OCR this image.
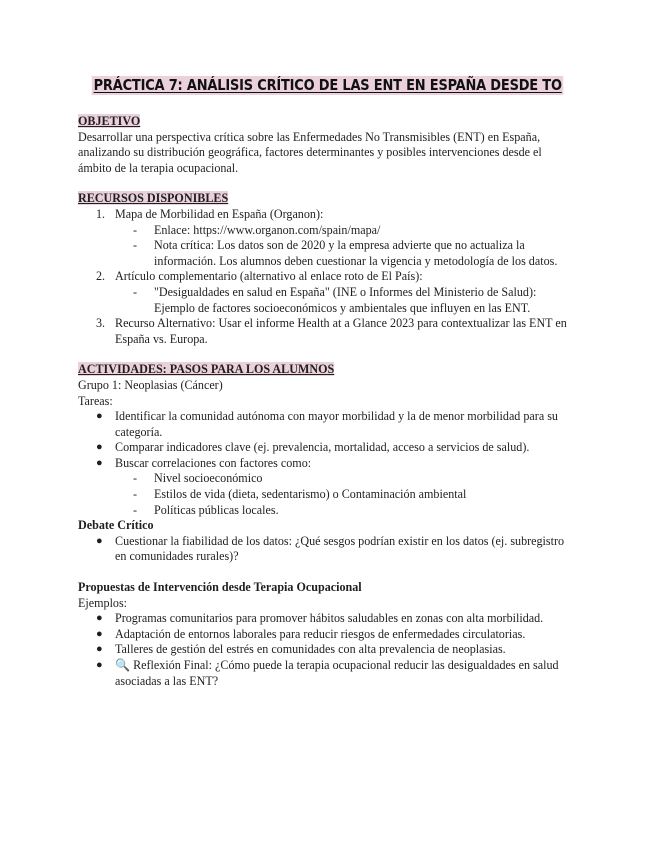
PRÁCTICA 7: ANÁLISIS CRÍTICO DE LAS ENT EN ESPAÑA DESDE TO
OBJETIVO
Desarrollar una perspectiva crítica sobre las Enfermedades No Transmisibles (ENT) en España, analizando su distribución geográfica, factores determinantes y posibles intervenciones desde el ámbito de la terapia ocupacional.
RECURSOS DISPONIBLES
1. Mapa de Morbilidad en España (Organon):
- Enlace: https://www.organon.com/spain/mapa/
- Nota crítica: Los datos son de 2020 y la empresa advierte que no actualiza la información. Los alumnos deben cuestionar la vigencia y metodología de los datos.
2. Artículo complementario (alternativo al enlace roto de El País):
- "Desigualdades en salud en España" (INE o Informes del Ministerio de Salud): Ejemplo de factores socioeconómicos y ambientales que influyen en las ENT.
3. Recurso Alternativo: Usar el informe Health at a Glance 2023 para contextualizar las ENT en España vs. Europa.
ACTIVIDADES: PASOS PARA LOS ALUMNOS
Grupo 1: Neoplasias (Cáncer)
Tareas:
● Identificar la comunidad autónoma con mayor morbilidad y la de menor morbilidad para su categoría.
● Comparar indicadores clave (ej. prevalencia, mortalidad, acceso a servicios de salud).
● Buscar correlaciones con factores como:
- Nivel socioeconómico
- Estilos de vida (dieta, sedentarismo) o Contaminación ambiental
- Políticas públicas locales.
Debate Crítico
● Cuestionar la fiabilidad de los datos: ¿Qué sesgos podrían existir en los datos (ej. subregistro en comunidades rurales)?
Propuestas de Intervención desde Terapia Ocupacional
Ejemplos:
● Programas comunitarios para promover hábitos saludables en zonas con alta morbilidad.
● Adaptación de entornos laborales para reducir riesgos de enfermedades circulatorias.
● Talleres de gestión del estrés en comunidades con alta prevalencia de neoplasias.
● 🔍 Reflexión Final: ¿Cómo puede la terapia ocupacional reducir las desigualdades en salud asociadas a las ENT?
